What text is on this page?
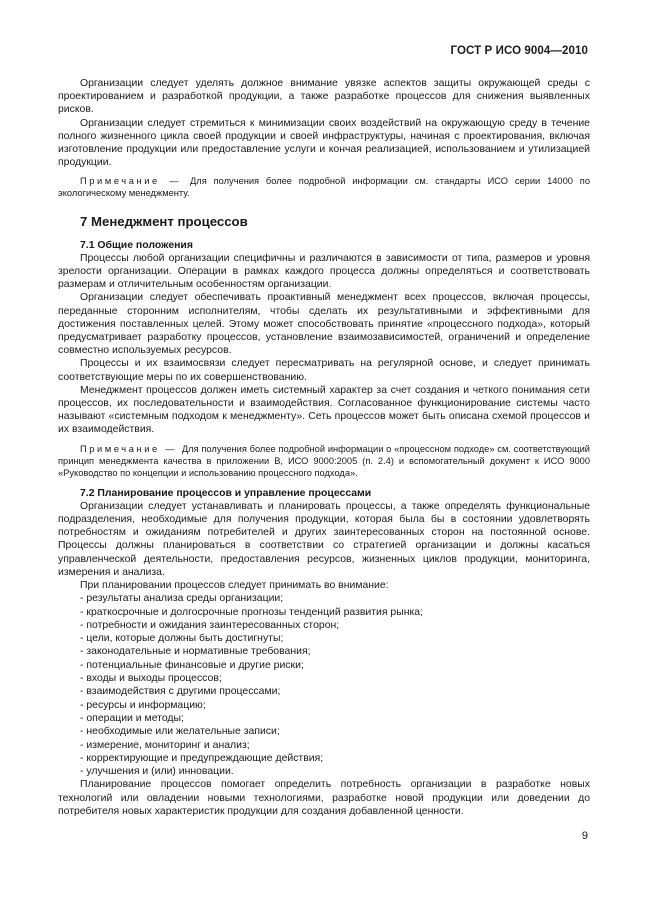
ГОСТ Р ИСО 9004—2010

Организации следует уделять должное внимание увязке аспектов защиты окружающей среды с проектированием и разработкой продукции, а также разработке процессов для снижения выявленных рисков.

Организации следует стремиться к минимизации своих воздействий на окружающую среду в течение полного жизненного цикла своей продукции и своей инфраструктуры, начиная с проектирования, включая изготовление продукции или предоставление услуги и кончая реализацией, использованием и утилизацией продукции.

Примечание — Для получения более подробной информации см. стандарты ИСО серии 14000 по экологическому менеджменту.
7 Менеджмент процессов
7.1 Общие положения

Процессы любой организации специфичны и различаются в зависимости от типа, размеров и уровня зрелости организации. Операции в рамках каждого процесса должны определяться и соответствовать размерам и отличительным особенностям организации.

Организации следует обеспечивать проактивный менеджмент всех процессов, включая процессы, переданные сторонним исполнителям, чтобы сделать их результативными и эффективными для достижения поставленных целей. Этому может способствовать принятие «процессного подхода», который предусматривает разработку процессов, установление взаимозависимостей, ограничений и определение совместно используемых ресурсов.

Процессы и их взаимосвязи следует пересматривать на регулярной основе, и следует принимать соответствующие меры по их совершенствованию.

Менеджмент процессов должен иметь системный характер за счет создания и четкого понимания сети процессов, их последовательности и взаимодействия. Согласованное функционирование системы часто называют «системным подходом к менеджменту». Сеть процессов может быть описана схемой процессов и их взаимодействия.

Примечание — Для получения более подробной информации о «процессном подходе» см. соответствующий принцип менеджмента качества в приложении В, ИСО 9000:2005 (п. 2.4) и вспомогательный документ к ИСО 9000 «Руководство по концепции и использованию процессного подхода».
7.2 Планирование процессов и управление процессами

Организации следует устанавливать и планировать процессы, а также определять функциональные подразделения, необходимые для получения продукции, которая была бы в состоянии удовлетворять потребностям и ожиданиям потребителей и других заинтересованных сторон на постоянной основе. Процессы должны планироваться в соответствии со стратегией организации и должны касаться управленческой деятельности, предоставления ресурсов, жизненных циклов продукции, мониторинга, измерения и анализа.

При планировании процессов следует принимать во внимание:

- результаты анализа среды организации;
- краткосрочные и долгосрочные прогнозы тенденций развития рынка;
- потребности и ожидания заинтересованных сторон;
- цели, которые должны быть достигнуты;
- законодательные и нормативные требования;
- потенциальные финансовые и другие риски;
- входы и выходы процессов;
- взаимодействия с другими процессами;
- ресурсы и информацию;
- операции и методы;
- необходимые или желательные записи;
- измерение, мониторинг и анализ;
- корректирующие и предупреждающие действия;
- улучшения и (или) инновации.

Планирование процессов помогает определить потребность организации в разработке новых технологий или овладении новыми технологиями, разработке новой продукции или доведении до потребителя новых характеристик продукции для создания добавленной ценности.

9
